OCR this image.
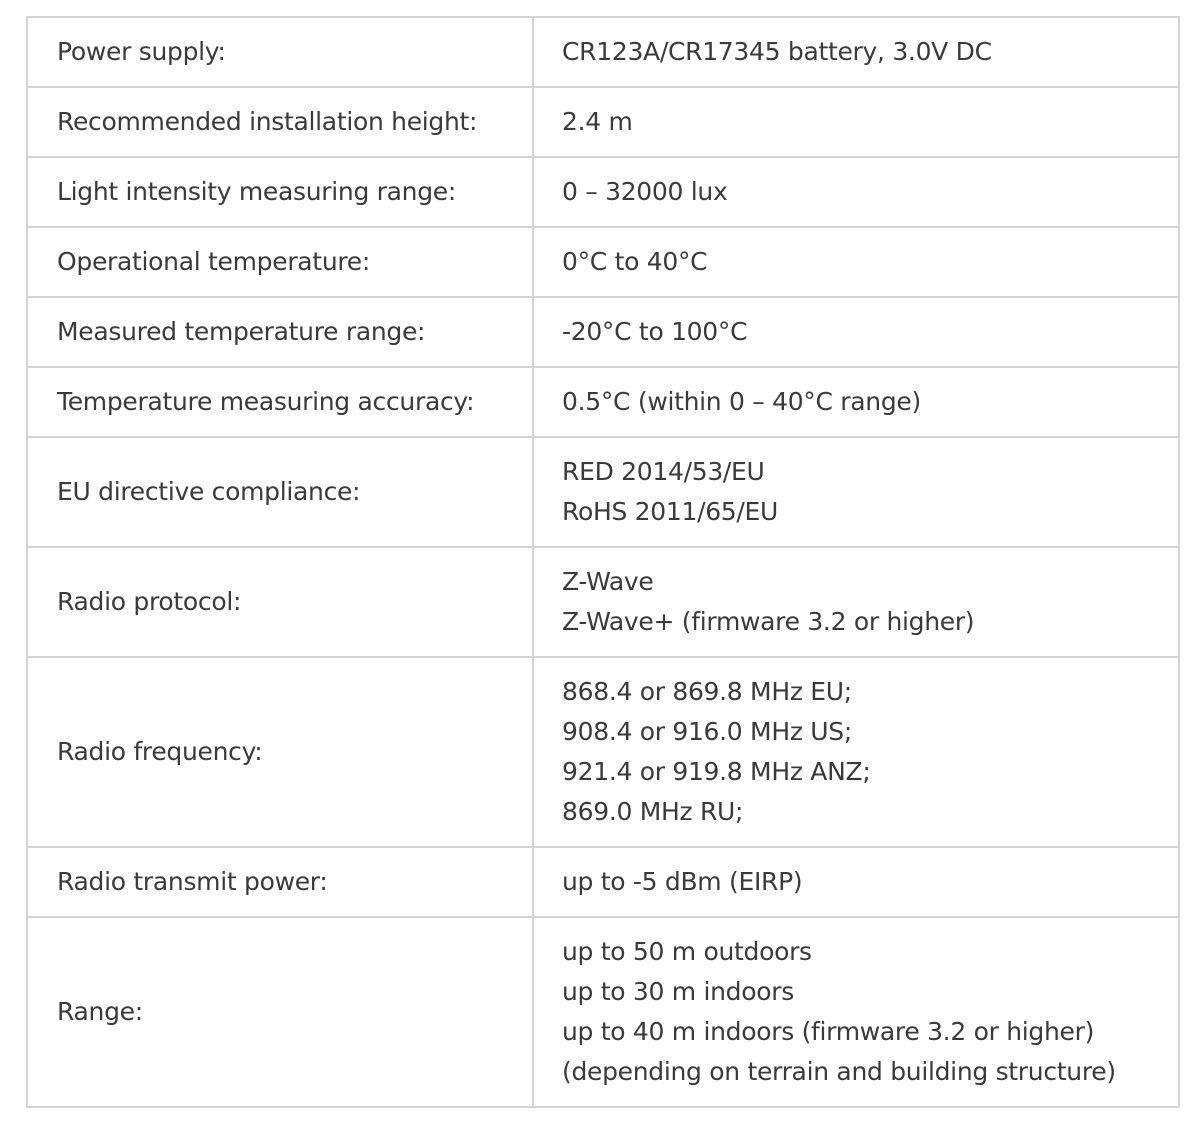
Power supply:	CR123A/CR17345 battery, 3.0V DC

Recommended installation height:	2.4 m

Light intensity measuring range:	0 – 32000 lux

Operational temperature:	0°C to 40°C

Measured temperature range:	-20°C to 100°C

Temperature measuring accuracy:	0.5°C (within 0 – 40°C range)

EU directive compliance:	RED 2014/53/EU
RoHS 2011/65/EU

Radio protocol:	Z-Wave
Z-Wave+ (firmware 3.2 or higher)

Radio frequency:	868.4 or 869.8 MHz EU;
908.4 or 916.0 MHz US;
921.4 or 919.8 MHz ANZ;
869.0 MHz RU;

Radio transmit power:	up to -5 dBm (EIRP)

Range:	up to 50 m outdoors
up to 30 m indoors
up to 40 m indoors (firmware 3.2 or higher)
(depending on terrain and building structure)
